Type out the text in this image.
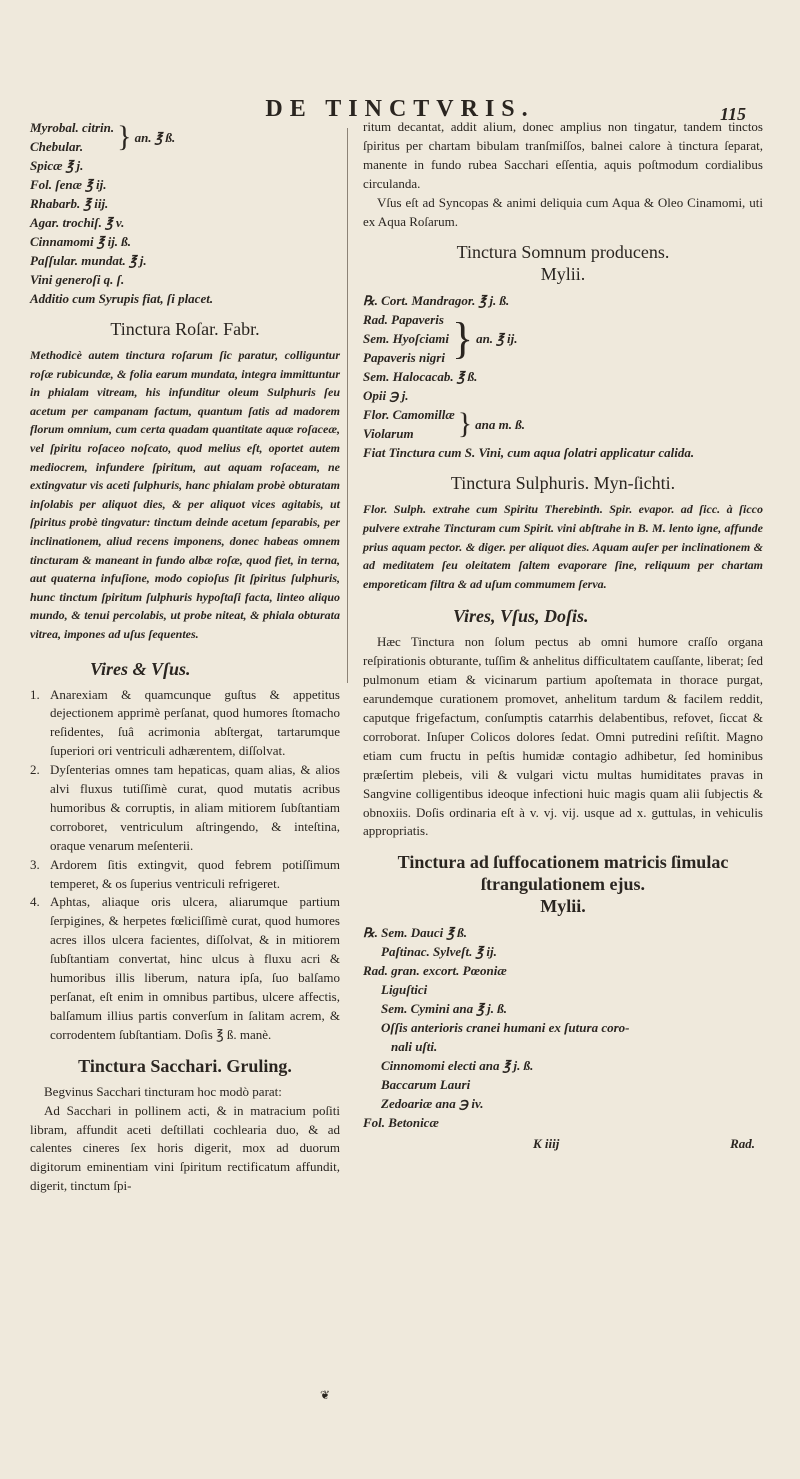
DE TINCTVRIS.	115
Myrobal. citrin.
Chebular.	} an. ℥ ß.
Spicæ ℥ j.
Fol. ſenæ ℥ ij.
Rhabarb. ℥ iij.
Agar. trochiſ. ℥ v.
Cinnamomi ℥ ij. ß.
Paſſular. mundat. ℥ j.
Vini generoſi q. ſ.
Additio cum Syrupis fiat, ſi placet.
Tinctura Roſar. Fabr.

Methodicè autem tinctura roſarum ſic paratur, colliguntur roſæ rubicundæ, & folia earum mundata, integra immittuntur in phialam vitream, his infunditur oleum Sulphuris ſeu acetum per campanam factum, quantum ſatis ad madorem florum omnium, cum certa quadam quantitate aquæ roſaceæ, vel ſpiritu roſaceo noſcato, quod melius eſt, oportet autem mediocrem, infundere ſpiritum, aut aquam roſaceam, ne extingvatur vis aceti ſulphuris, hanc phialam probè obturatam inſolabis per aliquot dies, & per aliquot vices agitabis, ut ſpiritus probè tingvatur: tinctum deinde acetum ſeparabis, per inclinationem, aliud recens imponens, donec habeas omnem tincturam & maneant in fundo albæ roſæ, quod fiet, in terna, aut quaterna infuſione, modo copioſus ſit ſpiritus ſulphuris, hunc tinctum ſpiritum ſulphuris hypoſtaſi facta, linteo aliquo mundo, & tenui percolabis, ut probe niteat, & phiala obturata vitrea, impones ad uſus ſequentes.

Vires & Vſus.
1. Anarexiam & quamcunque guſtus & appetitus dejectionem apprimè perſanat, quod humores ſtomacho reſidentes, ſuâ acrimonia abſtergat, tartarumque ſuperiori ori ventriculi adhærentem, diſſolvat.
2. Dyſenterias omnes tam hepaticas, quam alias, & alios alvi fluxus tutiſſimè curat, quod mutatis acribus humoribus & corruptis, in aliam mitiorem ſubſtantiam corroboret, ventriculum aſtringendo, & inteſtina, oraque venarum meſenterii.
3. Ardorem ſitis extingvit, quod febrem potiſſimum temperet, & os ſuperius ventriculi refrigeret.
4. Aphtas, aliaque oris ulcera, aliarumque partium ſerpigines, & herpetes fœliciſſimè curat, quod humores acres illos ulcera facientes, diſſolvat, & in mitiorem ſubſtantiam convertat, hinc ulcus à fluxu acri & humoribus illis liberum, natura ipſa, ſuo balſamo perſanat, eſt enim in omnibus partibus, ulcere affectis, balſamum illius partis converſum in ſalitam acrem, & corrodentem ſubſtantiam. Doſis ℥ ß. manè.
Tinctura Sacchari. Gruling.

Begvinus Sacchari tincturam hoc modò parat:

Ad Sacchari in pollinem acti, & in matracium poſiti libram, affundit aceti deſtillati cochlearia duo, & ad calentes cineres ſex horis digerit, mox ad duorum digitorum eminentiam vini ſpiritum rectificatum affundit, digerit, tinctum ſpi-

ritum decantat, addit alium, donec amplius non tingatur, tandem tinctos ſpiritus per chartam bibulam tranſmiſſos, balnei calore à tinctura ſeparat, manente in fundo rubea Sacchari eſſentia, aquis poſtmodum cordialibus circulanda.

Vſus eſt ad Syncopas & animi deliquia cum Aqua & Oleo Cinamomi, uti ex Aqua Roſarum.

Tinctura Somnum producens.
Mylii.
℞. Cort. Mandragor. ℥ j. ß.
Rad. Papaveris
Sem. Hyoſciami
Papaveris nigri } an. ℥ ij.
Sem. Halocacab. ℥ ß.
Opii ℈ j.
Flor. Camomillæ
Violarum	} ana m. ß.
Fiat Tinctura cum S. Vini, cum aqua ſolatri applicatur calida.
Tinctura Sulphuris. Myn-ſichti.

Flor. Sulph. extrahe cum Spiritu Therebinth. Spir. evapor. ad ſicc. à ſicco pulvere extrahe Tincturam cum Spirit. vini abſtrahe in B. M. lento igne, affunde prius aquam pector. & diger. per aliquot dies. Aquam auſer per inclinationem & ad meditatem ſeu oleitatem ſaltem evaporare ſine, reliquum per chartam emporeticam filtra & ad uſum commumem ſerva.

Vires, Vſus, Doſis.

Hæc Tinctura non ſolum pectus ab omni humore craſſo organa reſpirationis obturante, tuſſim & anhelitus difficultatem cauſſante, liberat; ſed pulmonum etiam & vicinarum partium apoſtemata in thorace purgat, earundemque curationem promovet, anhelitum tardum & facilem reddit, caputque frigefactum, conſumptis catarrhis delabentibus, refovet, ſiccat & corroborat. Inſuper Colicos dolores ſedat. Omni putredini reſiſtit. Magno etiam cum fructu in peſtis humidæ contagio adhibetur, ſed hominibus præſertim plebeis, vili & vulgari victu multas humiditates pravas in Sangvine colligentibus ideoque infectioni huic magis quam alii ſubjectis & obnoxiis. Doſis ordinaria eſt à v. vj. vij. usque ad x. guttulas, in vehiculis appropriatis.

Tinctura ad ſuffocationem matricis ſimulac ſtrangulationem ejus.
Mylii.
℞. Sem. Dauci ℥ ß.
Paſtinac. Sylveſt. ℥ ij.
Rad. gran. excort. Pœoniæ
Liguſtici
Sem. Cymini ana ℥ j. ß.
Oſſis anterioris cranei humani ex ſutura coro-
nali uſti.
Cinnomomi electi ana ℥ j. ß.
Baccarum Lauri
Zedoariæ ana ℈ iv.
Fol. Betonicæ
K iiij	Rad.
❦
